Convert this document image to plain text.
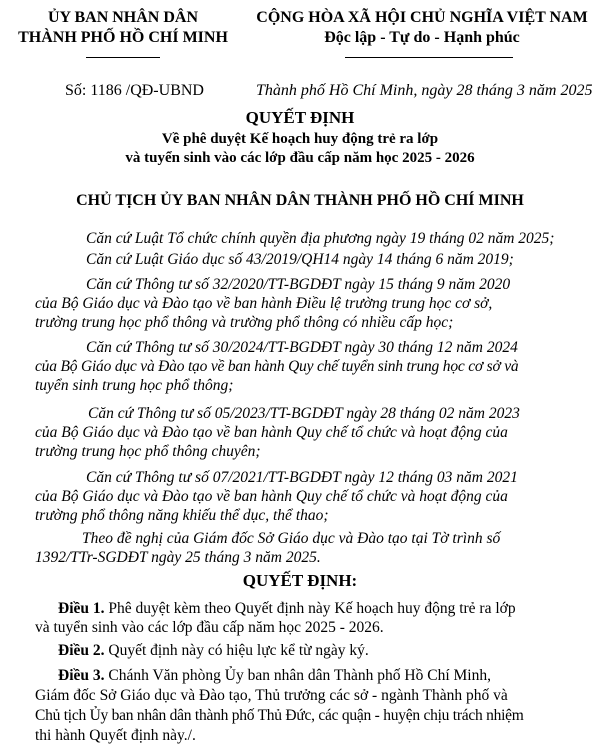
ỦY BAN NHÂN DÂN
THÀNH PHỐ HỒ CHÍ MINH
CỘNG HÒA XÃ HỘI CHỦ NGHĨA VIỆT NAM
Độc lập - Tự do - Hạnh phúc
Số: 1186 /QĐ-UBND	Thành phố Hồ Chí Minh, ngày 28 tháng 3 năm 2025
QUYẾT ĐỊNH
Về phê duyệt Kế hoạch huy động trẻ ra lớp
và tuyển sinh vào các lớp đầu cấp năm học 2025 - 2026
CHỦ TỊCH ỦY BAN NHÂN DÂN THÀNH PHỐ HỒ CHÍ MINH
Căn cứ Luật Tổ chức chính quyền địa phương ngày 19 tháng 02 năm 2025;
Căn cứ Luật Giáo dục số 43/2019/QH14 ngày 14 tháng 6 năm 2019;
Căn cứ Thông tư số 32/2020/TT-BGDĐT ngày 15 tháng 9 năm 2020
của Bộ Giáo dục và Đào tạo về ban hành Điều lệ trường trung học cơ sở,
trường trung học phổ thông và trường phổ thông có nhiều cấp học;
Căn cứ Thông tư số 30/2024/TT-BGDĐT ngày 30 tháng 12 năm 2024
của Bộ Giáo dục và Đào tạo về ban hành Quy chế tuyển sinh trung học cơ sở và
tuyển sinh trung học phổ thông;
Căn cứ Thông tư số 05/2023/TT-BGDĐT ngày 28 tháng 02 năm 2023
của Bộ Giáo dục và Đào tạo về ban hành Quy chế tổ chức và hoạt động của
trường trung học phổ thông chuyên;
Căn cứ Thông tư số 07/2021/TT-BGDĐT ngày 12 tháng 03 năm 2021
của Bộ Giáo dục và Đào tạo về ban hành Quy chế tổ chức và hoạt động của
trường phổ thông năng khiếu thể dục, thể thao;
Theo đề nghị của Giám đốc Sở Giáo dục và Đào tạo tại Tờ trình số
1392/TTr-SGDĐT ngày 25 tháng 3 năm 2025.
QUYẾT ĐỊNH:
Điều 1. Phê duyệt kèm theo Quyết định này Kế hoạch huy động trẻ ra lớp
và tuyển sinh vào các lớp đầu cấp năm học 2025 - 2026.
Điều 2. Quyết định này có hiệu lực kể từ ngày ký.
Điều 3. Chánh Văn phòng Ủy ban nhân dân Thành phố Hồ Chí Minh,
Giám đốc Sở Giáo dục và Đào tạo, Thủ trưởng các sở - ngành Thành phố và
Chủ tịch Ủy ban nhân dân thành phố Thủ Đức, các quận - huyện chịu trách nhiệm
thi hành Quyết định này./.
